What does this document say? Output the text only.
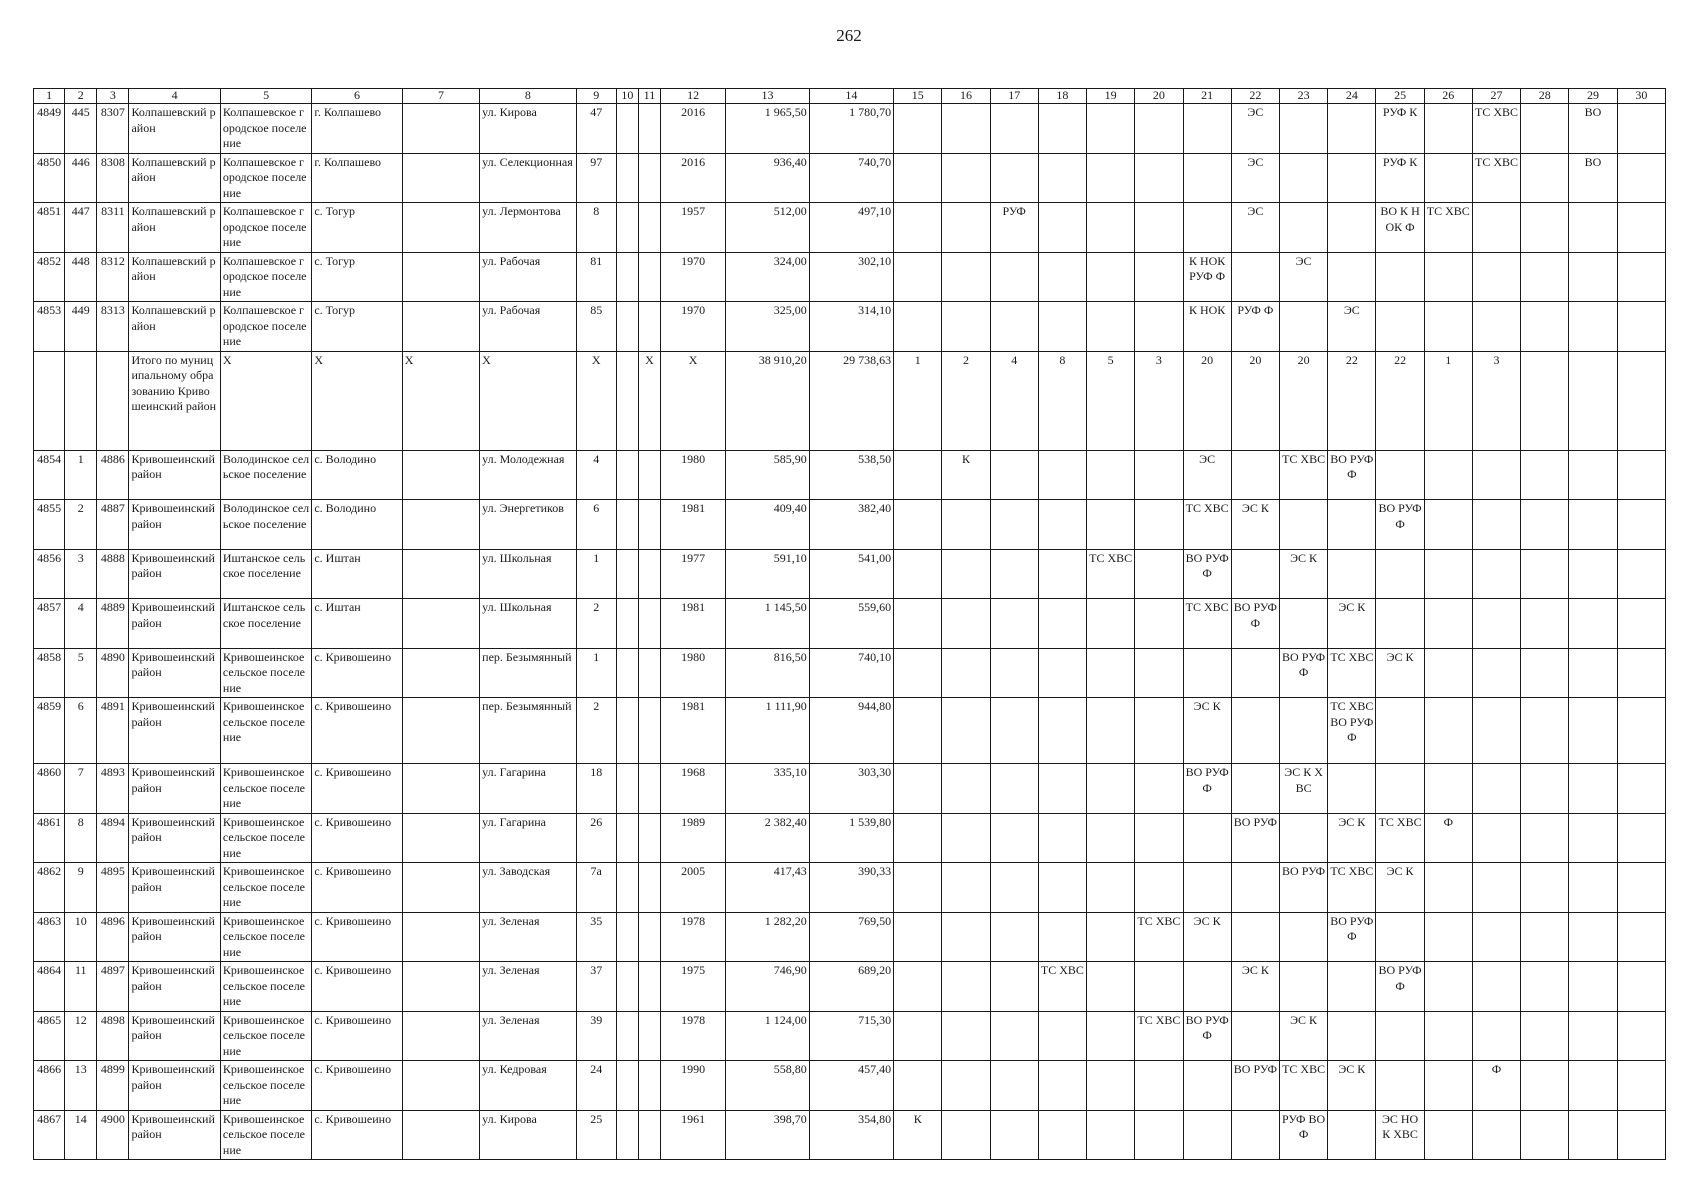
262
1	2	3	4	5	6	7	8	9	10	11	12	13	14	15	16	17	18	19	20	21	22	23	24	25	26	27	28	29	30
4849	445	8307	Колпашевский район	Колпашевское городское поселение	г. Колпашево		ул. Кирова	47			2016	1 965,50	1 780,70								ЭС			РУФ К		ТС ХВС		ВО	
4850	446	8308	Колпашевский район	Колпашевское городское поселение	г. Колпашево		ул. Селекционная	97			2016	936,40	740,70								ЭС			РУФ К		ТС ХВС		ВО	
4851	447	8311	Колпашевский район	Колпашевское городское поселение	с. Тогур		ул. Лермонтова	8			1957	512,00	497,10			РУФ					ЭС			ВО К НОК Ф	ТС ХВС				
4852	448	8312	Колпашевский район	Колпашевское городское поселение	с. Тогур		ул. Рабочая	81			1970	324,00	302,10							К НОК РУФ Ф		ЭС							
4853	449	8313	Колпашевский район	Колпашевское городское поселение	с. Тогур		ул. Рабочая	85			1970	325,00	314,10							К НОК	РУФ Ф		ЭС						
			Итого по муниципальному образованию Кривошеинский район	X	X	X	X	X		X	X	38 910,20	29 738,63	1	2	4	8	5	3	20	20	20	22	22	1	3			
4854	1	4886	Кривошеинский район	Володинское сельское поселение	с. Володино		ул. Молодежная	4			1980	585,90	538,50		К					ЭС		ТС ХВС	ВО РУФ Ф						
4855	2	4887	Кривошеинский район	Володинское сельское поселение	с. Володино		ул. Энергетиков	6			1981	409,40	382,40							ТС ХВС	ЭС К			ВО РУФ Ф					
4856	3	4888	Кривошеинский район	Иштанское сельское поселение	с. Иштан		ул. Школьная	1			1977	591,10	541,00					ТС ХВС		ВО РУФ Ф		ЭС К							
4857	4	4889	Кривошеинский район	Иштанское сельское поселение	с. Иштан		ул. Школьная	2			1981	1 145,50	559,60							ТС ХВС	ВО РУФ Ф		ЭС К						
4858	5	4890	Кривошеинский район	Кривошеинское сельское поселение	с. Кривошеино		пер. Безымянный	1			1980	816,50	740,10									ВО РУФ Ф	ТС ХВС	ЭС К					
4859	6	4891	Кривошеинский район	Кривошеинское сельское поселение	с. Кривошеино		пер. Безымянный	2			1981	1 111,90	944,80							ЭС К			ТС ХВС ВО РУФ Ф						
4860	7	4893	Кривошеинский район	Кривошеинское сельское поселение	с. Кривошеино		ул. Гагарина	18			1968	335,10	303,30							ВО РУФ Ф		ЭС К ХВС							
4861	8	4894	Кривошеинский район	Кривошеинское сельское поселение	с. Кривошеино		ул. Гагарина	26			1989	2 382,40	1 539,80								ВО РУФ		ЭС К	ТС ХВС	Ф				
4862	9	4895	Кривошеинский район	Кривошеинское сельское поселение	с. Кривошеино		ул. Заводская	7а			2005	417,43	390,33									ВО РУФ	ТС ХВС	ЭС К					
4863	10	4896	Кривошеинский район	Кривошеинское сельское поселение	с. Кривошеино		ул. Зеленая	35			1978	1 282,20	769,50						ТС ХВС	ЭС К			ВО РУФ Ф						
4864	11	4897	Кривошеинский район	Кривошеинское сельское поселение	с. Кривошеино		ул. Зеленая	37			1975	746,90	689,20				ТС ХВС				ЭС К			ВО РУФ Ф					
4865	12	4898	Кривошеинский район	Кривошеинское сельское поселение	с. Кривошеино		ул. Зеленая	39			1978	1 124,00	715,30						ТС ХВС	ВО РУФ Ф		ЭС К							
4866	13	4899	Кривошеинский район	Кривошеинское сельское поселение	с. Кривошеино		ул. Кедровая	24			1990	558,80	457,40								ВО РУФ	ТС ХВС	ЭС К			Ф			
4867	14	4900	Кривошеинский район	Кривошеинское сельское поселение	с. Кривошеино		ул. Кирова	25			1961	398,70	354,80	К								РУФ ВО Ф		ЭС НОК ХВС					
